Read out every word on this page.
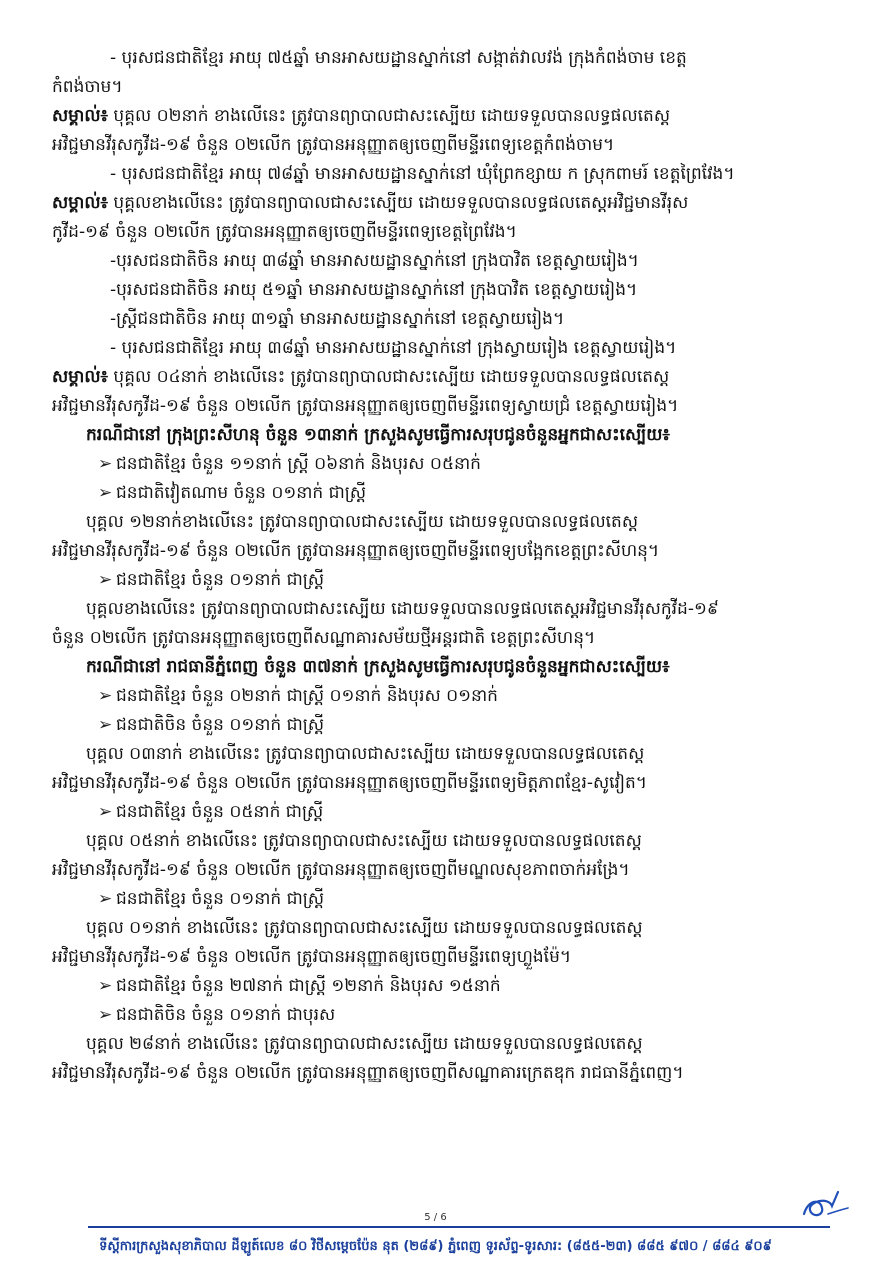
- បុរសជនជាតិខ្មែរ អាយុ ៧៥ឆ្នាំ មានអាសយដ្ឋានស្នាក់នៅ សង្កាត់វាលវង់ ក្រុងកំពង់ចាម ខេត្ត
កំពង់ចាម។
សម្គាល់៖ បុគ្គល ០២នាក់ ខាងលើនេះ ត្រូវបានព្យាបាលជាសះស្បើយ ដោយទទួលបានលទ្ធផលតេស្ត
អវិជ្ជមានវីរុសកូវីដ-១៩ ចំនួន ០២លើក ត្រូវបានអនុញ្ញាតឲ្យចេញពីមន្ទីរពេទ្យខេត្តកំពង់ចាម។
- បុរសជនជាតិខ្មែរ អាយុ ៧៨ឆ្នាំ មានអាសយដ្ឋានស្នាក់នៅ ឃុំព្រែកខ្សាយ ក ស្រុកពាមរ៍ ខេត្តព្រៃវែង។
សម្គាល់៖ បុគ្គលខាងលើនេះ ត្រូវបានព្យាបាលជាសះស្បើយ ដោយទទួលបានលទ្ធផលតេស្តអវិជ្ជមានវីរុស
កូវីដ-១៩ ចំនួន ០២លើក ត្រូវបានអនុញ្ញាតឲ្យចេញពីមន្ទីរពេទ្យខេត្តព្រៃវែង។
-បុរសជនជាតិចិន អាយុ ៣៨ឆ្នាំ មានអាសយដ្ឋានស្នាក់នៅ ក្រុងបាវិត ខេត្តស្វាយរៀង។
-បុរសជនជាតិចិន អាយុ ៥១ឆ្នាំ មានអាសយដ្ឋានស្នាក់នៅ ក្រុងបាវិត ខេត្តស្វាយរៀង។
-ស្ត្រីជនជាតិចិន អាយុ ៣១ឆ្នាំ មានអាសយដ្ឋានស្នាក់នៅ ខេត្តស្វាយរៀង។
- បុរសជនជាតិខ្មែរ អាយុ ៣៨ឆ្នាំ មានអាសយដ្ឋានស្នាក់នៅ ក្រុងស្វាយរៀង ខេត្តស្វាយរៀង។
សម្គាល់៖ បុគ្គល ០៤នាក់ ខាងលើនេះ ត្រូវបានព្យាបាលជាសះស្បើយ ដោយទទួលបានលទ្ធផលតេស្ត
អវិជ្ជមានវីរុសកូវីដ-១៩ ចំនួន ០២លើក ត្រូវបានអនុញ្ញាតឲ្យចេញពីមន្ទីរពេទ្យស្វាយជ្រំ ខេត្តស្វាយរៀង។
ករណីជានៅ ក្រុងព្រះសីហនុ ចំនួន ១៣នាក់ ក្រសួងសូមធ្វើការសរុបជូនចំនួនអ្នកជាសះស្បើយ៖
➢ ជនជាតិខ្មែរ ចំនួន ១១នាក់ ស្ត្រី ០៦នាក់ និងបុរស ០៥នាក់
➢ ជនជាតិវៀតណាម ចំនួន ០១នាក់ ជាស្ត្រី
បុគ្គល ១២នាក់ខាងលើនេះ ត្រូវបានព្យាបាលជាសះស្បើយ ដោយទទួលបានលទ្ធផលតេស្ត
អវិជ្ជមានវីរុសកូវីដ-១៩ ចំនួន ០២លើក ត្រូវបានអនុញ្ញាតឲ្យចេញពីមន្ទីរពេទ្យបង្អែកខេត្តព្រះសីហនុ។
➢ ជនជាតិខ្មែរ ចំនួន ០១នាក់ ជាស្ត្រី
បុគ្គលខាងលើនេះ ត្រូវបានព្យាបាលជាសះស្បើយ ដោយទទួលបានលទ្ធផលតេស្តអវិជ្ជមានវីរុសកូវីដ-១៩
ចំនួន ០២លើក ត្រូវបានអនុញ្ញាតឲ្យចេញពីសណ្ឋាគារសម័យថ្មីអន្តរជាតិ ខេត្តព្រះសីហនុ។
ករណីជានៅ រាជធានីភ្នំពេញ ចំនួន ៣៧នាក់ ក្រសួងសូមធ្វើការសរុបជូនចំនួនអ្នកជាសះស្បើយ៖
➢ ជនជាតិខ្មែរ ចំនួន ០២នាក់ ជាស្ត្រី ០១នាក់ និងបុរស ០១នាក់
➢ ជនជាតិចិន ចំនួន ០១នាក់ ជាស្ត្រី
បុគ្គល ០៣នាក់ ខាងលើនេះ ត្រូវបានព្យាបាលជាសះស្បើយ ដោយទទួលបានលទ្ធផលតេស្ត
អវិជ្ជមានវីរុសកូវីដ-១៩ ចំនួន ០២លើក ត្រូវបានអនុញ្ញាតឲ្យចេញពីមន្ទីរពេទ្យមិត្តភាពខ្មែរ-សូវៀត។
➢ ជនជាតិខ្មែរ ចំនួន ០៥នាក់ ជាស្ត្រី
បុគ្គល ០៥នាក់ ខាងលើនេះ ត្រូវបានព្យាបាលជាសះស្បើយ ដោយទទួលបានលទ្ធផលតេស្ត
អវិជ្ជមានវីរុសកូវីដ-១៩ ចំនួន ០២លើក ត្រូវបានអនុញ្ញាតឲ្យចេញពីមណ្ឌលសុខភាពចាក់អង្រែ។
➢ ជនជាតិខ្មែរ ចំនួន ០១នាក់ ជាស្ត្រី
បុគ្គល ០១នាក់ ខាងលើនេះ ត្រូវបានព្យាបាលជាសះស្បើយ ដោយទទួលបានលទ្ធផលតេស្ត
អវិជ្ជមានវីរុសកូវីដ-១៩ ចំនួន ០២លើក ត្រូវបានអនុញ្ញាតឲ្យចេញពីមន្ទីរពេទ្យហ្លួងម៉ែ។
➢ ជនជាតិខ្មែរ ចំនួន ២៧នាក់ ជាស្ត្រី ១២នាក់ និងបុរស ១៥នាក់
➢ ជនជាតិចិន ចំនួន ០១នាក់ ជាបុរស
បុគ្គល ២៨នាក់ ខាងលើនេះ ត្រូវបានព្យាបាលជាសះស្បើយ ដោយទទួលបានលទ្ធផលតេស្ត
អវិជ្ជមានវីរុសកូវីដ-១៩ ចំនួន ០២លើក ត្រូវបានអនុញ្ញាតឲ្យចេញពីសណ្ឋាគារក្រេតឌុក រាជធានីភ្នំពេញ។
5 / 6
ទីស្តីការក្រសួងសុខាភិបាល ដីឡូត៍លេខ ៨០ វិថីសម្តេចប៉ែន នុត (២៨៩) ភ្នំពេញ ទូរស័ព្ទ-ទូរសារ: (៨៥៥-២៣) ៨៨៥ ៩៧០ / ៨៨៤ ៩០៩
